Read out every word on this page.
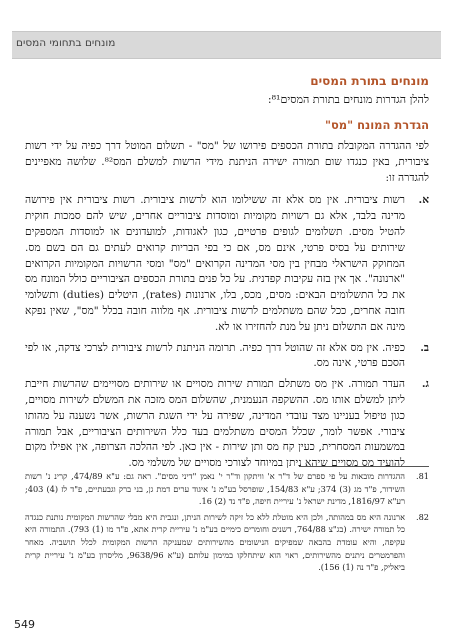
מונחים בתחומי המסים
מונחים בתורת המסים

להלן הגדרות מונחים בתורת המסים⁸¹:

הגדרת המונח "מס"

לפי ההגדרה המקובלת בתורת הכספים פירושו של "מס" - תשלום המוטל דרך כפיה על ידי רשות ציבורית, באין כנגדו שום תמורה ישירה הניתנת מידי הרשות למשלם המס⁸². שלושה מאפיינים להגדרה זו:

א.
רשות ציבורית. אין מס אלא זה ששילומו הוא לרשות ציבורית. רשות ציבורית אין פירושה מדינה בלבד, אלא גם רשויות מקומיות ומוסדות ציבוריים אחרים, שיש להם סמכות חוקית להטיל מסים. תשלומים לגופים פרטיים, כגון לאגודות, למועדונים או למוסדות המספקים שירותים על בסיס פרטי, אינם מס, אם כי בפי הבריות קרואים לעתים גם הם בשם מס. המחוקק הישראלי מבחין בין מסי המדינה הקרואים "מס" ומסי הרשויות המקומיות הקרואים "ארנונה". אך אין בזה עקיבות קפדנית. על כל פנים בתורת הכספים הציבוריים כולל המונח מס את כל התשלומים הבאים: מסים, מכס, בלו, ארנונות (rates), היטלים (duties) ותשלומי חובה אחרים, ככל שהם משתלמים לרשות ציבורית. אף מלווה חובה בכלל "מס", שאין נפקא מינה אם התשלום ניתן על מנת להחזירו או לא.
ב.
כפיה. אין מס אלא זה שהוטל דרך כפיה. תרומה הניתנת לרשות ציבורית לצרכי צדקה, או לפי הסכם פרטי, אינה מס.
ג.
העדר תמורה. אין מס משתלם תמורת שירות מסויים או שירותים מסויימים שהרשות חייבת ליתן למשלם אותו מס. ההשקפה הנעמנית, שהשלום המס מזכה את המשלם לשירות מסויים, כגון טיפול בעניינו מצד עובדי המדינה, שפירה על ידי השגת הרשות, אשר נשענה על מהותו ציבורי. אפשר לומר, שכלל המסים משתלמים בעד כלל השירותים הציבוריים, אבל תמורה במשמעות המסחרית, כעין קח מס ותן שירות - אין כאן. לפי ההלכה הצרופה, אין אפילו מקום להועיד מס מסויים שיהא ניתן במיוחד לצורכי מסויים של משלמי מס.
81.
ההגדרות מובאות על פי ספרם של ד"ר א' וויתקון וד"ר י' נאמן "דיני מסים". ראה גם: ע"א 474/89, קרינ נ' רשות השידור, פ"ד מג (3) 374; ע"א 154/83, שופרסל בע"מ נ' איגוד ערים דמת גן, בני ברק וגבעתיים, פ"ד לז (4) 403; רע"א 1816/97, מדינת ישראל נ' עיריית חיפה, פ"ד נד (2) 16.
82.
ארנונה היא מס במהותה, ולכן היא מוטלת ללא כל זיקה לשירות הניתן, ונגבית היא מבלי שהרשות המקומית נותנת כנגדה כל תמורה ישירה. (בג"צ 764/88, דשנים וחומרים כימיים בע"מ נ' עיריית קרית אתא, פ"ד מו (1) 793). התמורה היא עקיפה, והיא עומדת בהבאה שמפיקים הנישומים מהשירותים שמעניקה הרשות המקומית לכלל תושביה. מאחר והפרמטרים ניתנים מהשירותים, ראוי הוא שיתחלקו במימון עלותם (ע"א 9638/96, מליסרון בע"מ נ' עיריית קרית ביאליק, פ"ד נה (1) 156).
549
